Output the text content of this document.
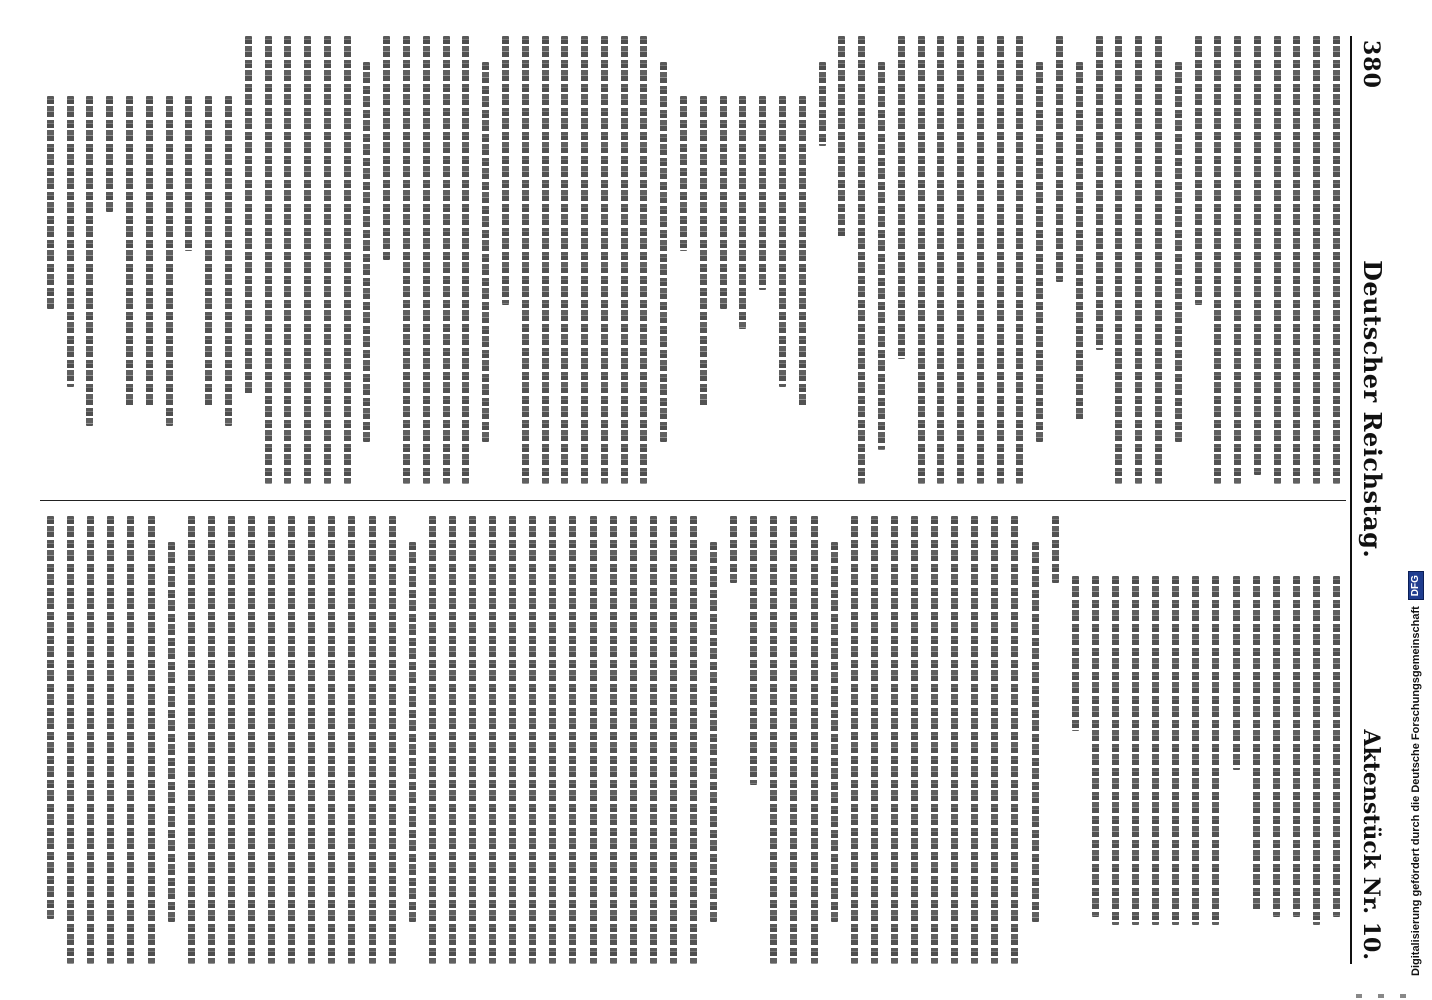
380
Deutscher Reichstag.
Aktenstück Nr. 10. Digitalisierung gefördert durch die Deutsche Forschungsgemeinschaft
DFG
